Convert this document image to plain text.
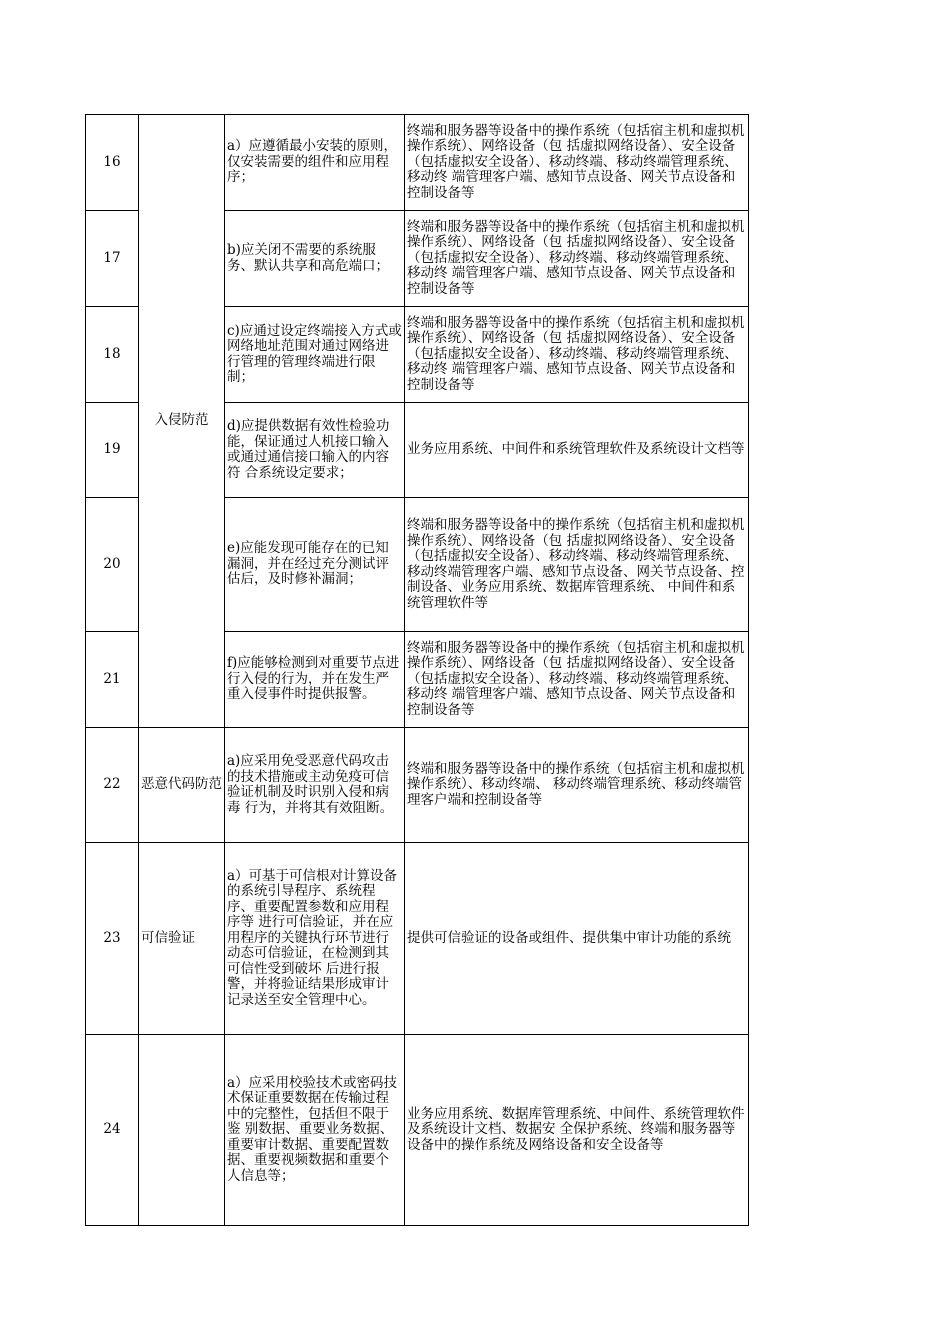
16	入侵防范	a）应遵循最小安装的原则，仅安装需要的组件和应用程序；	终端和服务器等设备中的操作系统（包括宿主机和虚拟机操作系统）、网络设备（包 括虚拟网络设备）、安全设备（包括虚拟安全设备）、移动终端、移动终端管理系统、移动终 端管理客户端、感知节点设备、网关节点设备和控制设备等
17		b)应关闭不需要的系统服务、默认共享和高危端口；	终端和服务器等设备中的操作系统（包括宿主机和虚拟机操作系统）、网络设备（包 括虚拟网络设备）、安全设备（包括虚拟安全设备）、移动终端、移动终端管理系统、移动终 端管理客户端、感知节点设备、网关节点设备和控制设备等
18		c)应通过设定终端接入方式或网络地址范围对通过网络进行管理的管理终端进行限 制；	终端和服务器等设备中的操作系统（包括宿主机和虚拟机操作系统）、网络设备（包 括虚拟网络设备）、安全设备（包括虚拟安全设备）、移动终端、移动终端管理系统、移动终 端管理客户端、感知节点设备、网关节点设备和控制设备等
19		d)应提供数据有效性检验功能，保证通过人机接口输入或通过通信接口输入的内容符 合系统设定要求；	业务应用系统、中间件和系统管理软件及系统设计文档等
20		e)应能发现可能存在的已知漏洞，并在经过充分测试评估后，及时修补漏洞；	终端和服务器等设备中的操作系统（包括宿主机和虚拟机操作系统）、网络设备（包 括虚拟网络设备）、安全设备（包括虚拟安全设备）、移动终端、移动终端管理系统、移动终端管理客户端、感知节点设备、网关节点设备、控制设备、业务应用系统、数据库管理系统、 中间件和系统管理软件等
21		f)应能够检测到对重要节点进行入侵的行为，并在发生严重入侵事件时提供报警。	终端和服务器等设备中的操作系统（包括宿主机和虚拟机操作系统）、网络设备（包 括虚拟网络设备）、安全设备（包括虚拟安全设备）、移动终端、移动终端管理系统、移动终 端管理客户端、感知节点设备、网关节点设备和控制设备等
22	恶意代码防范	a)应采用免受恶意代码攻击的技术措施或主动免疫可信验证机制及时识别入侵和病毒 行为，并将其有效阻断。	终端和服务器等设备中的操作系统（包括宿主机和虚拟机操作系统）、移动终端、 移动终端管理系统、移动终端管理客户端和控制设备等
23	可信验证	a）可基于可信根对计算设备的系统引导程序、系统程序、重要配置参数和应用程序等 进行可信验证，并在应用程序的关键执行环节进行动态可信验证，在检测到其可信性受到破坏 后进行报警，并将验证结果形成审计记录送至安全管理中心。	提供可信验证的设备或组件、提供集中审计功能的系统
24		a）应采用校验技术或密码技术保证重要数据在传输过程中的完整性，包括但不限于鉴 别数据、重要业务数据、重要审计数据、重要配置数据、重要视频数据和重要个人信息等；	业务应用系统、数据库管理系统、中间件、系统管理软件及系统设计文档、数据安 全保护系统、终端和服务器等设备中的操作系统及网络设备和安全设备等
